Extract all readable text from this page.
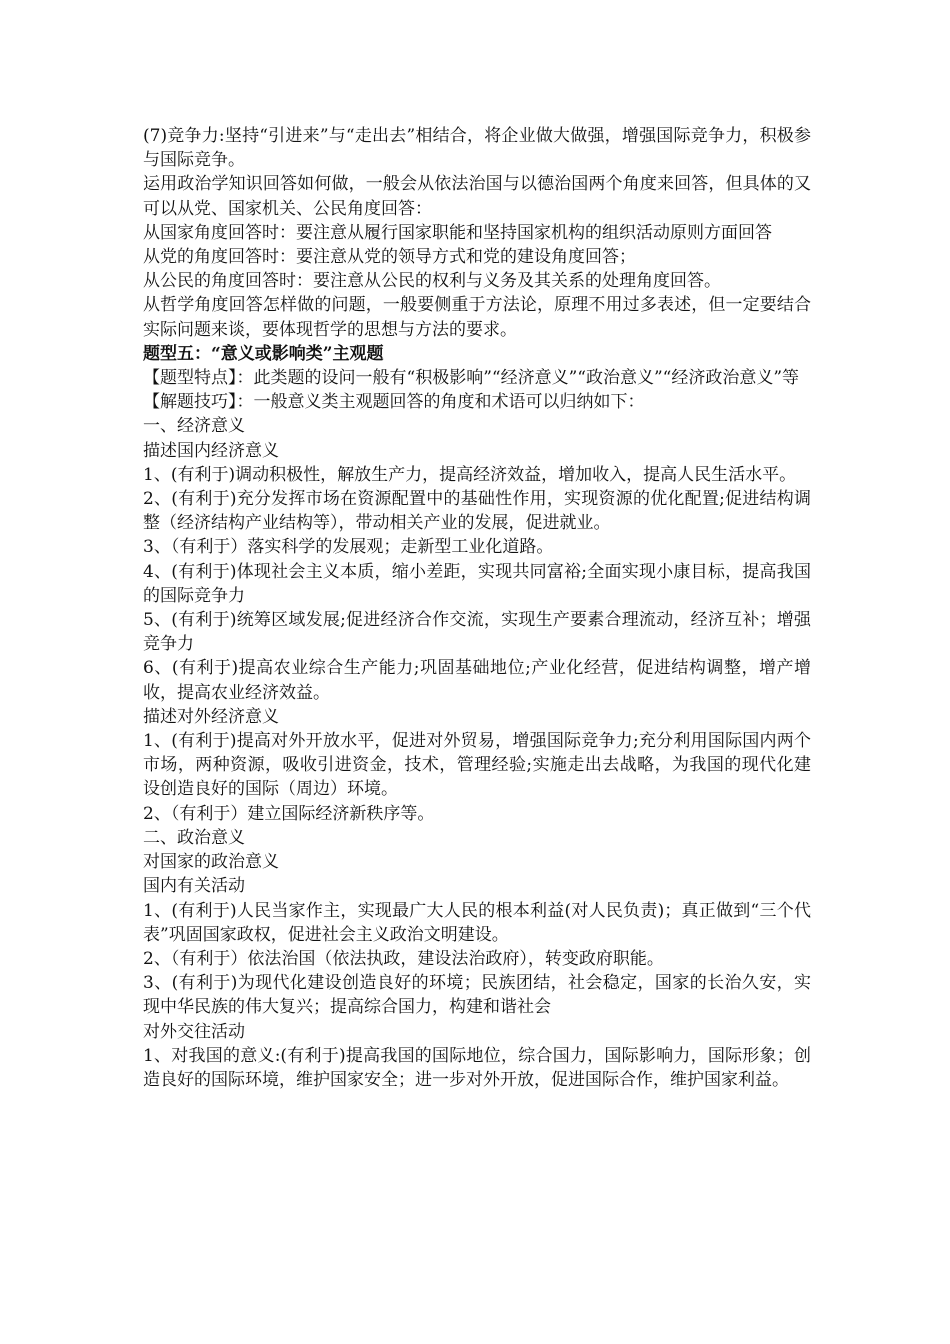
(7)竞争力:坚持“引进来”与“走出去”相结合，将企业做大做强，增强国际竞争力，积极参与国际竞争。

运用政治学知识回答如何做，一般会从依法治国与以德治国两个角度来回答，但具体的又可以从党、国家机关、公民角度回答：

从国家角度回答时：要注意从履行国家职能和坚持国家机构的组织活动原则方面回答

从党的角度回答时：要注意从党的领导方式和党的建设角度回答；

从公民的角度回答时：要注意从公民的权利与义务及其关系的处理角度回答。

从哲学角度回答怎样做的问题，一般要侧重于方法论，原理不用过多表述，但一定要结合实际问题来谈，要体现哲学的思想与方法的要求。

题型五：“意义或影响类”主观题

【题型特点】：此类题的设问一般有“积极影响”“经济意义”“政治意义”“经济政治意义”等

【解题技巧】：一般意义类主观题回答的角度和术语可以归纳如下：

一、经济意义

描述国内经济意义

1、(有利于)调动积极性，解放生产力，提高经济效益，增加收入，提高人民生活水平。

2、(有利于)充分发挥市场在资源配置中的基础性作用，实现资源的优化配置;促进结构调整（经济结构产业结构等），带动相关产业的发展，促进就业。

3、（有利于）落实科学的发展观；走新型工业化道路。

4、(有利于)体现社会主义本质，缩小差距，实现共同富裕;全面实现小康目标，提高我国的国际竞争力

5、(有利于)统筹区域发展;促进经济合作交流，实现生产要素合理流动，经济互补；增强竞争力

6、(有利于)提高农业综合生产能力;巩固基础地位;产业化经营，促进结构调整，增产增收，提高农业经济效益。

描述对外经济意义

1、(有利于)提高对外开放水平，促进对外贸易，增强国际竞争力;充分利用国际国内两个市场，两种资源，吸收引进资金，技术，管理经验;实施走出去战略，为我国的现代化建设创造良好的国际（周边）环境。

2、（有利于）建立国际经济新秩序等。

二、政治意义

对国家的政治意义

国内有关活动

1、(有利于)人民当家作主，实现最广大人民的根本利益(对人民负责)；真正做到“三个代表”巩固国家政权，促进社会主义政治文明建设。

2、（有利于）依法治国（依法执政，建设法治政府），转变政府职能。

3、(有利于)为现代化建设创造良好的环境；民族团结，社会稳定，国家的长治久安，实现中华民族的伟大复兴；提高综合国力，构建和谐社会

对外交往活动

1、对我国的意义:(有利于)提高我国的国际地位，综合国力，国际影响力，国际形象；创造良好的国际环境，维护国家安全；进一步对外开放，促进国际合作，维护国家利益。
